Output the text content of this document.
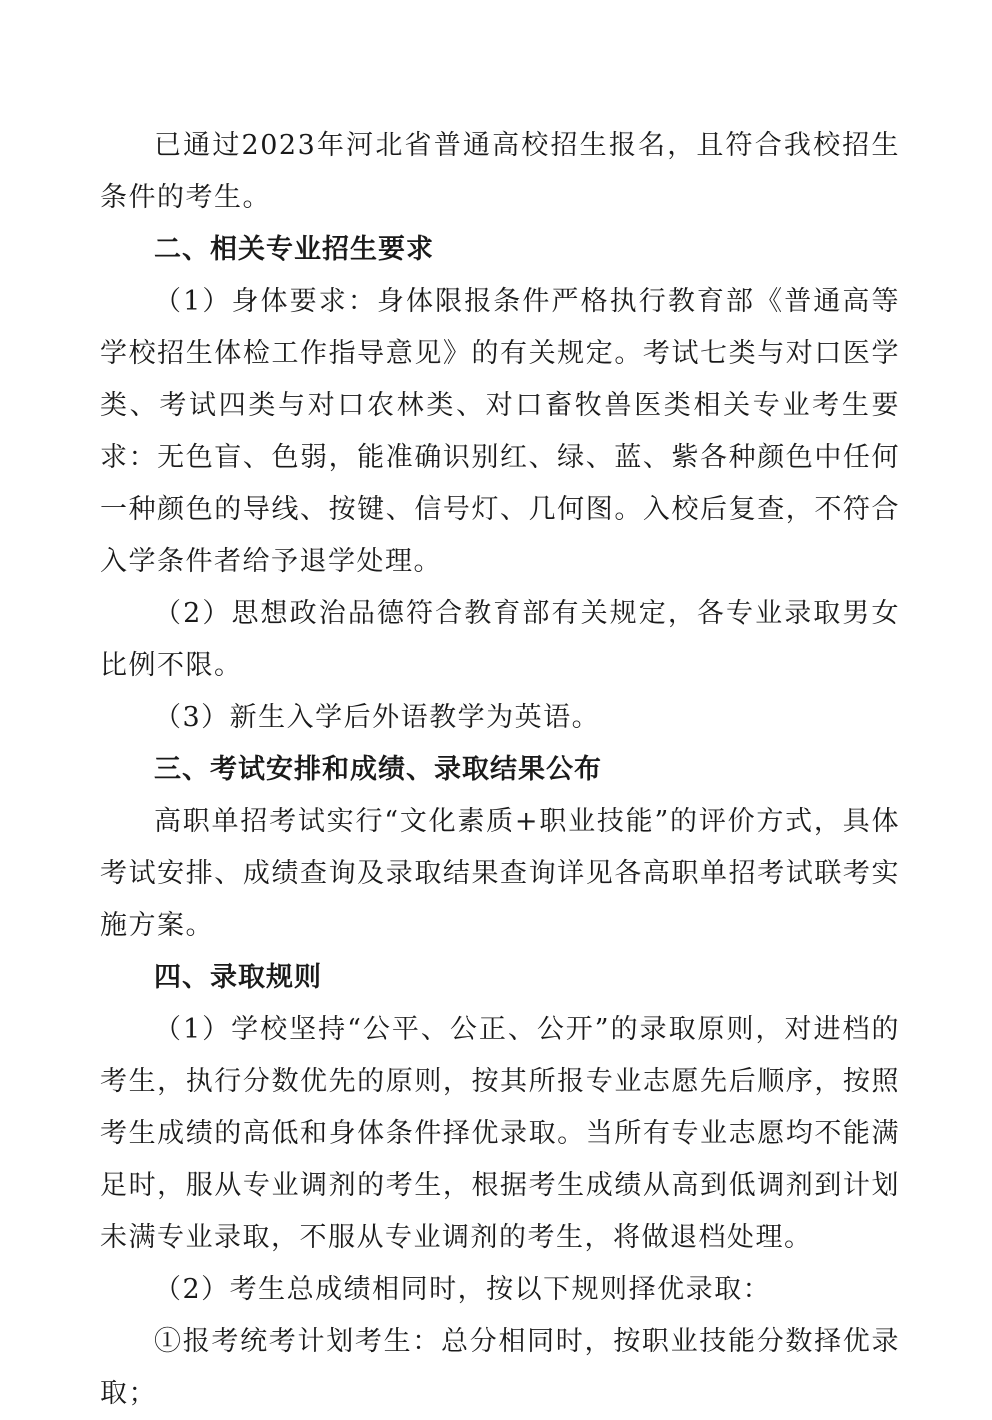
已通过2023年河北省普通高校招生报名，且符合我校招生条件的考生。

二、相关专业招生要求

（1）身体要求：身体限报条件严格执行教育部《普通高等学校招生体检工作指导意见》的有关规定。考试七类与对口医学类、考试四类与对口农林类、对口畜牧兽医类相关专业考生要求：无色盲、色弱，能准确识别红、绿、蓝、紫各种颜色中任何一种颜色的导线、按键、信号灯、几何图。入校后复查，不符合入学条件者给予退学处理。

（2）思想政治品德符合教育部有关规定，各专业录取男女比例不限。

（3）新生入学后外语教学为英语。

三、考试安排和成绩、录取结果公布

高职单招考试实行“文化素质+职业技能”的评价方式，具体考试安排、成绩查询及录取结果查询详见各高职单招考试联考实施方案。

四、录取规则

（1）学校坚持“公平、公正、公开”的录取原则，对进档的考生，执行分数优先的原则，按其所报专业志愿先后顺序，按照考生成绩的高低和身体条件择优录取。当所有专业志愿均不能满足时，服从专业调剂的考生，根据考生成绩从高到低调剂到计划未满专业录取，不服从专业调剂的考生，将做退档处理。

（2）考生总成绩相同时，按以下规则择优录取：

①报考统考计划考生：总分相同时，按职业技能分数择优录取；
